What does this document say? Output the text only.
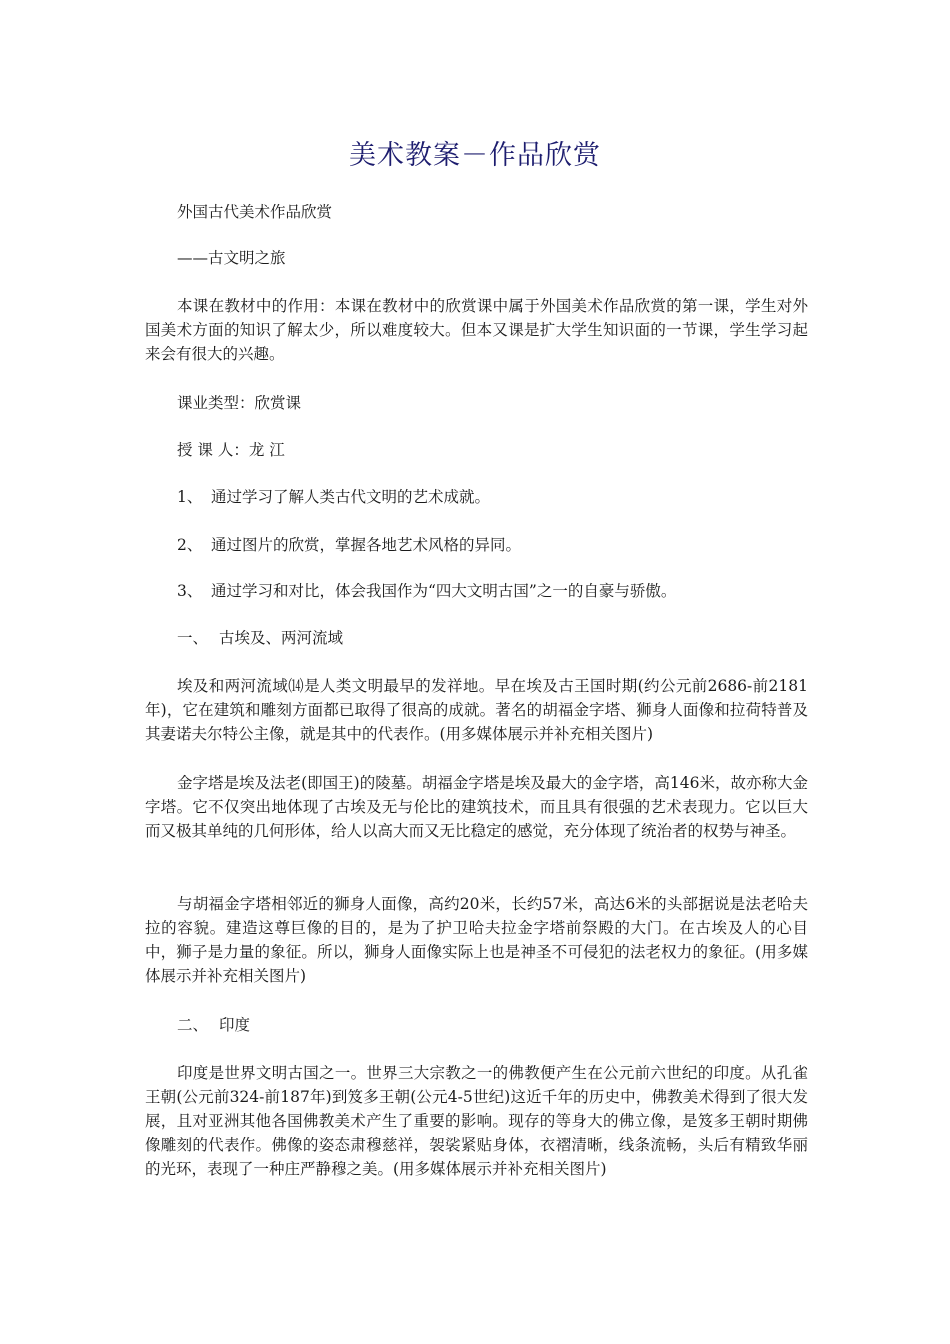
美术教案－作品欣赏
外国古代美术作品欣赏
——古文明之旅

本课在教材中的作用：本课在教材中的欣赏课中属于外国美术作品欣赏的第一课，学生对外国美术方面的知识了解太少，所以难度较大。但本又课是扩大学生知识面的一节课，学生学习起来会有很大的兴趣。

课业类型：欣赏课
授 课 人：龙 江
1、 通过学习了解人类古代文明的艺术成就。
2、 通过图片的欣赏，掌握各地艺术风格的异同。
3、 通过学习和对比，体会我国作为“四大文明古国”之一的自豪与骄傲。
一、 古埃及、两河流域

埃及和两河流域⒁是人类文明最早的发祥地。早在埃及古王国时期(约公元前2686-前2181年)，它在建筑和雕刻方面都已取得了很高的成就。著名的胡福金字塔、狮身人面像和拉荷特普及其妻诺夫尔特公主像，就是其中的代表作。(用多媒体展示并补充相关图片)

金字塔是埃及法老(即国王)的陵墓。胡福金字塔是埃及最大的金字塔，高146米，故亦称大金字塔。它不仅突出地体现了古埃及无与伦比的建筑技术，而且具有很强的艺术表现力。它以巨大而又极其单纯的几何形体，给人以高大而又无比稳定的感觉，充分体现了统治者的权势与神圣。

与胡福金字塔相邻近的狮身人面像，高约20米，长约57米，高达6米的头部据说是法老哈夫拉的容貌。建造这尊巨像的目的，是为了护卫哈夫拉金字塔前祭殿的大门。在古埃及人的心目中，狮子是力量的象征。所以，狮身人面像实际上也是神圣不可侵犯的法老权力的象征。(用多媒体展示并补充相关图片)

二、 印度

印度是世界文明古国之一。世界三大宗教之一的佛教便产生在公元前六世纪的印度。从孔雀王朝(公元前324-前187年)到笈多王朝(公元4-5世纪)这近千年的历史中，佛教美术得到了很大发展，且对亚洲其他各国佛教美术产生了重要的影响。现存的等身大的佛立像，是笈多王朝时期佛像雕刻的代表作。佛像的姿态肃穆慈祥，袈裟紧贴身体，衣褶清晰，线条流畅，头后有精致华丽的光环，表现了一种庄严静穆之美。(用多媒体展示并补充相关图片)
